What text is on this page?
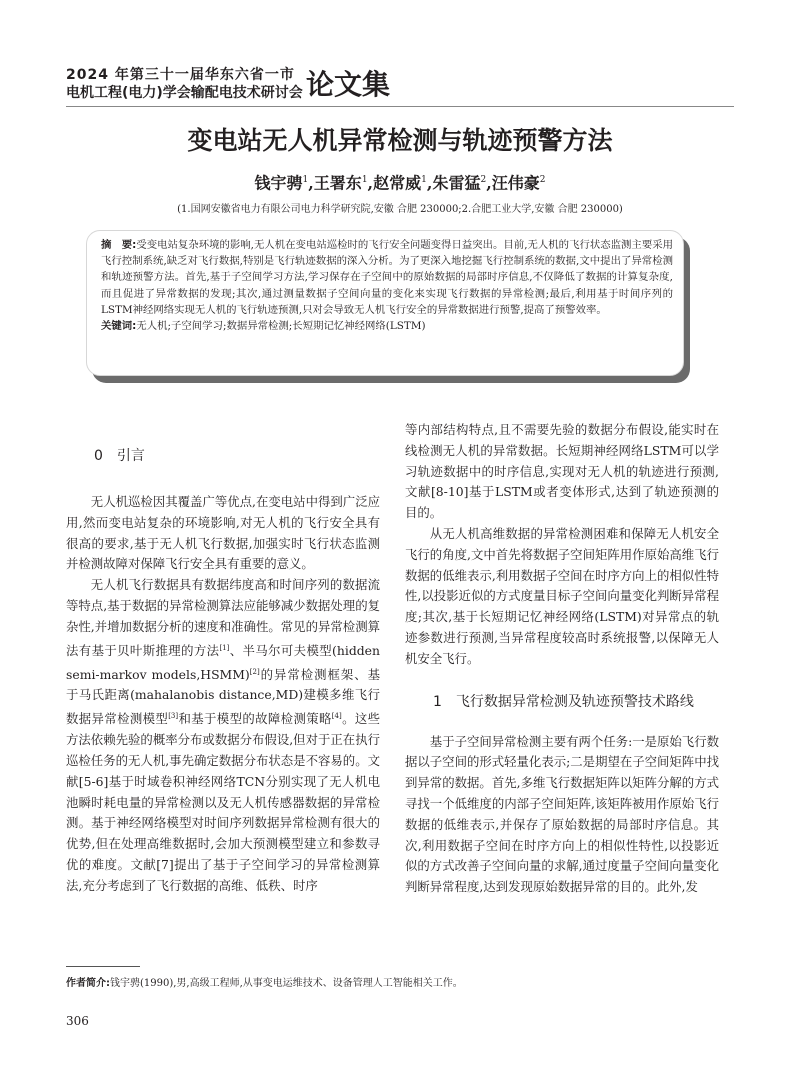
2024 年第三十一届华东六省一市
电机工程(电力)学会输配电技术研讨会 论文集
变电站无人机异常检测与轨迹预警方法
钱宇骋$^1$,王署东$^1$,赵常威$^1$,朱雷猛$^2$,汪伟豪$^2$
(1.国网安徽省电力有限公司电力科学研究院,安徽 合肥 230000;2.合肥工业大学,安徽 合肥 230000)

摘　要:受变电站复杂环境的影响,无人机在变电站巡检时的飞行安全问题变得日益突出。目前,无人机的飞行状态监测主要采用飞行控制系统,缺乏对飞行数据,特别是飞行轨迹数据的深入分析。为了更深入地挖掘飞行控制系统的数据,文中提出了异常检测和轨迹预警方法。首先,基于子空间学习方法,学习保存在子空间中的原始数据的局部时序信息,不仅降低了数据的计算复杂度,而且促进了异常数据的发现;其次,通过测量数据子空间向量的变化来实现飞行数据的异常检测;最后,利用基于时间序列的LSTM神经网络实现无人机的飞行轨迹预测,只对会导致无人机飞行安全的异常数据进行预警,提高了预警效率。

关键词:无人机;子空间学习;数据异常检测;长短期记忆神经网络(LSTM)

0　引言

无人机巡检因其覆盖广等优点,在变电站中得到广泛应用,然而变电站复杂的环境影响,对无人机的飞行安全具有很高的要求,基于无人机飞行数据,加强实时飞行状态监测并检测故障对保障飞行安全具有重要的意义。

无人机飞行数据具有数据纬度高和时间序列的数据流等特点,基于数据的异常检测算法应能够减少数据处理的复杂性,并增加数据分析的速度和准确性。常见的异常检测算法有基于贝叶斯推理的方法[1]、半马尔可夫模型(hidden semi-markov models,HSMM)[2]的异常检测框架、基于马氏距离(mahalanobis distance,MD)建模多维飞行数据异常检测模型[3]和基于模型的故障检测策略[4]。这些方法依赖先验的概率分布或数据分布假设,但对于正在执行巡检任务的无人机,事先确定数据分布状态是不容易的。文献[5-6]基于时域卷积神经网络TCN分别实现了无人机电池瞬时耗电量的异常检测以及无人机传感器数据的异常检测。基于神经网络模型对时间序列数据异常检测有很大的优势,但在处理高维数据时,会加大预测模型建立和参数寻优的难度。文献[7]提出了基于子空间学习的异常检测算法,充分考虑到了飞行数据的高维、低秩、时序

等内部结构特点,且不需要先验的数据分布假设,能实时在线检测无人机的异常数据。长短期神经网络LSTM可以学习轨迹数据中的时序信息,实现对无人机的轨迹进行预测,文献[8-10]基于LSTM或者变体形式,达到了轨迹预测的目的。

从无人机高维数据的异常检测困难和保障无人机安全飞行的角度,文中首先将数据子空间矩阵用作原始高维飞行数据的低维表示,利用数据子空间在时序方向上的相似性特性,以投影近似的方式度量目标子空间向量变化判断异常程度;其次,基于长短期记忆神经网络(LSTM)对异常点的轨迹参数进行预测,当异常程度较高时系统报警,以保障无人机安全飞行。

1　飞行数据异常检测及轨迹预警技术路线

基于子空间异常检测主要有两个任务:一是原始飞行数据以子空间的形式轻量化表示;二是期望在子空间矩阵中找到异常的数据。首先,多维飞行数据矩阵以矩阵分解的方式寻找一个低维度的内部子空间矩阵,该矩阵被用作原始飞行数据的低维表示,并保存了原始数据的局部时序信息。其次,利用数据子空间在时序方向上的相似性特性,以投影近似的方式改善子空间向量的求解,通过度量子空间向量变化判断异常程度,达到发现原始数据异常的目的。此外,发

作者简介:钱宇骋(1990),男,高级工程师,从事变电运维技术、设备管理人工智能相关工作。
306
